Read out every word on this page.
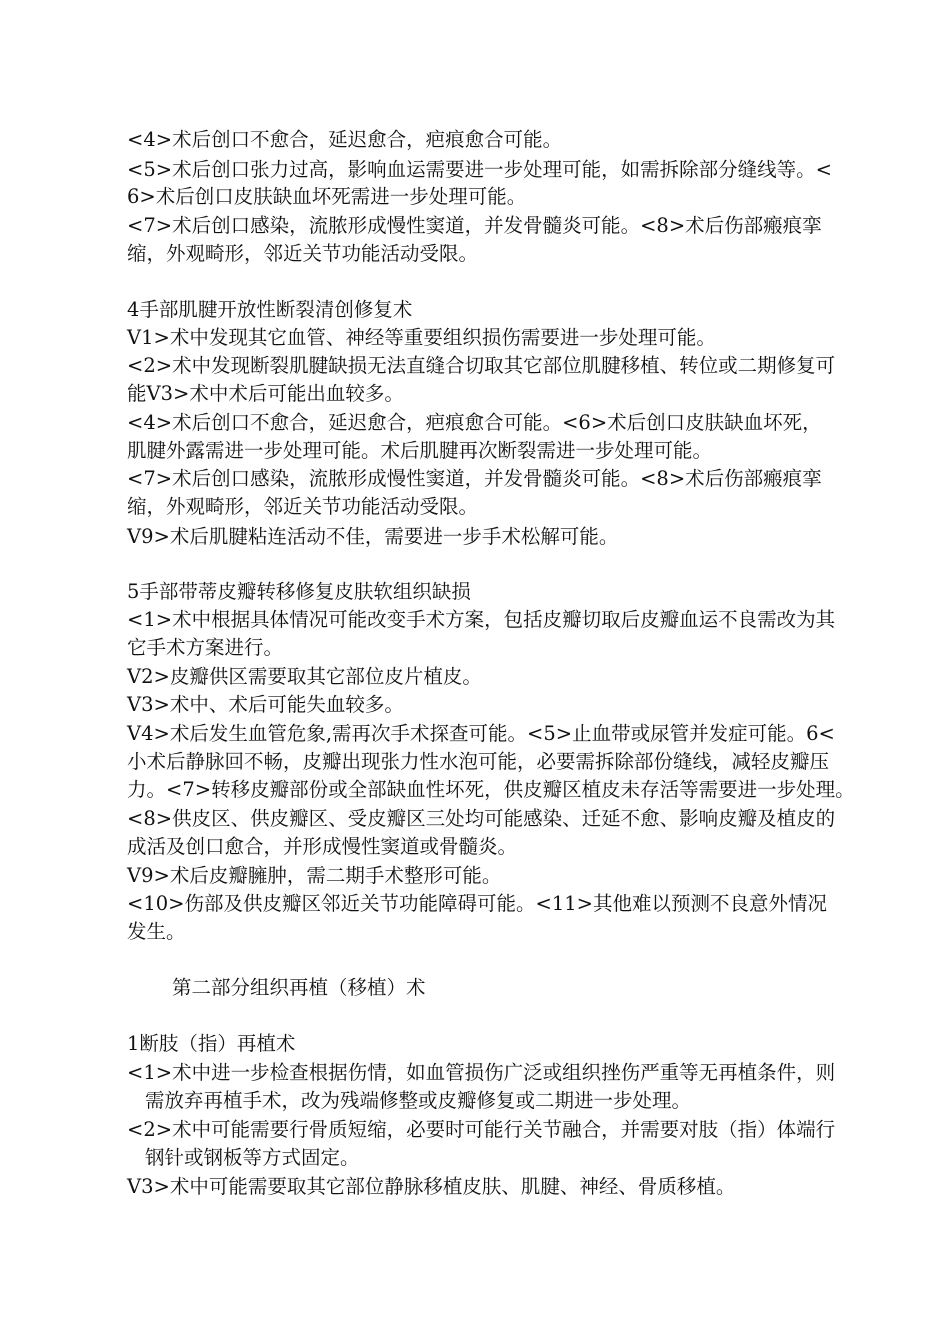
<4>术后创口不愈合，延迟愈合，疤痕愈合可能。
<5>术后创口张力过高，影响血运需要进一步处理可能，如需拆除部分缝线等。<
6>术后创口皮肤缺血坏死需进一步处理可能。
<7>术后创口感染，流脓形成慢性窦道，并发骨髓炎可能。<8>术后伤部瘢痕挛
缩，外观畸形，邻近关节功能活动受限。
4手部肌腱开放性断裂清创修复术
V1>术中发现其它血管、神经等重要组织损伤需要进一步处理可能。
<2>术中发现断裂肌腱缺损无法直缝合切取其它部位肌腱移植、转位或二期修复可
能V3>术中术后可能出血较多。
<4>术后创口不愈合，延迟愈合，疤痕愈合可能。<6>术后创口皮肤缺血坏死，
肌腱外露需进一步处理可能。术后肌腱再次断裂需进一步处理可能。
<7>术后创口感染，流脓形成慢性窦道，并发骨髓炎可能。<8>术后伤部瘢痕挛
缩，外观畸形，邻近关节功能活动受限。
V9>术后肌腱粘连活动不佳，需要进一步手术松解可能。
5手部带蒂皮瓣转移修复皮肤软组织缺损
<1>术中根据具体情况可能改变手术方案，包括皮瓣切取后皮瓣血运不良需改为其
它手术方案进行。
V2>皮瓣供区需要取其它部位皮片植皮。
V3>术中、术后可能失血较多。
V4>术后发生血管危象,需再次手术探查可能。<5>止血带或尿管并发症可能。6<
小术后静脉回不畅，皮瓣出现张力性水泡可能，必要需拆除部份缝线，减轻皮瓣压
力。<7>转移皮瓣部份或全部缺血性坏死，供皮瓣区植皮未存活等需要进一步处理。
<8>供皮区、供皮瓣区、受皮瓣区三处均可能感染、迁延不愈、影响皮瓣及植皮的
成活及创口愈合，并形成慢性窦道或骨髓炎。
V9>术后皮瓣臃肿，需二期手术整形可能。
<10>伤部及供皮瓣区邻近关节功能障碍可能。<11>其他难以预测不良意外情况
发生。
第二部分组织再植（移植）术
1断肢（指）再植术
<1>术中进一步检查根据伤情，如血管损伤广泛或组织挫伤严重等无再植条件，则
需放弃再植手术，改为残端修整或皮瓣修复或二期进一步处理。
<2>术中可能需要行骨质短缩，必要时可能行关节融合，并需要对肢（指）体端行
钢针或钢板等方式固定。
V3>术中可能需要取其它部位静脉移植皮肤、肌腱、神经、骨质移植。
